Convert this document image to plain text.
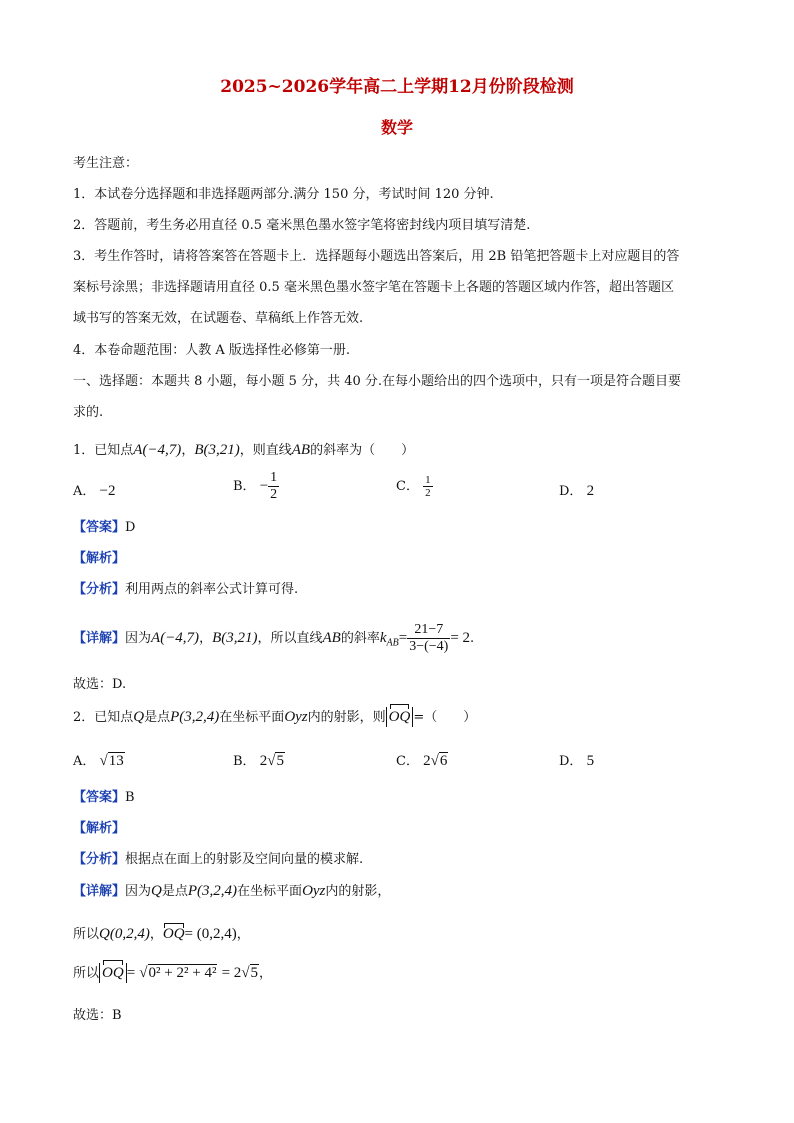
2025~2026学年高二上学期12月份阶段检测
数学
考生注意：
1．本试卷分选择题和非选择题两部分.满分 150 分，考试时间 120 分钟.
2．答题前，考生务必用直径 0.5 毫米黑色墨水签字笔将密封线内项目填写清楚.
3．考生作答时，请将答案答在答题卡上．选择题每小题选出答案后，用 2B 铅笔把答题卡上对应题目的答
案标号涂黑；非选择题请用直径 0.5 毫米黑色墨水签字笔在答题卡上各题的答题区域内作答，超出答题区
域书写的答案无效，在试题卷、草稿纸上作答无效.
4．本卷命题范围：人教 A 版选择性必修第一册.
一、选择题：本题共 8 小题，每小题 5 分，共 40 分.在每小题给出的四个选项中，只有一项是符合题目要
求的.
1．已知点A(−4,7)，B(3,21)，则直线AB的斜率为（　　）
A． −2	B． − $\frac{1}{2}$	C． $\frac{1}{2}$	D． 2
【答案】D
【解析】
【分析】利用两点的斜率公式计算可得.
【详解】因为A(−4,7)，B(3,21)，所以直线AB的斜率$k_{AB}= \frac{21-7}{3-(-4)} = 2$.
故选：D.
2．已知点Q是点P(3,2,4)在坐标平面Oyz内的射影，则 OQ =（　　）
A． √13	B． 2√5	C． 2√6	D． 5
【答案】B
【解析】
【分析】根据点在面上的射影及空间向量的模求解.
【详解】因为Q是点P(3,2,4)在坐标平面Oyz内的射影，
所以Q(0,2,4)，OQ= (0,2,4)，
所以 OQ = √0² + 2² + 4² = 2√5，
故选：B
